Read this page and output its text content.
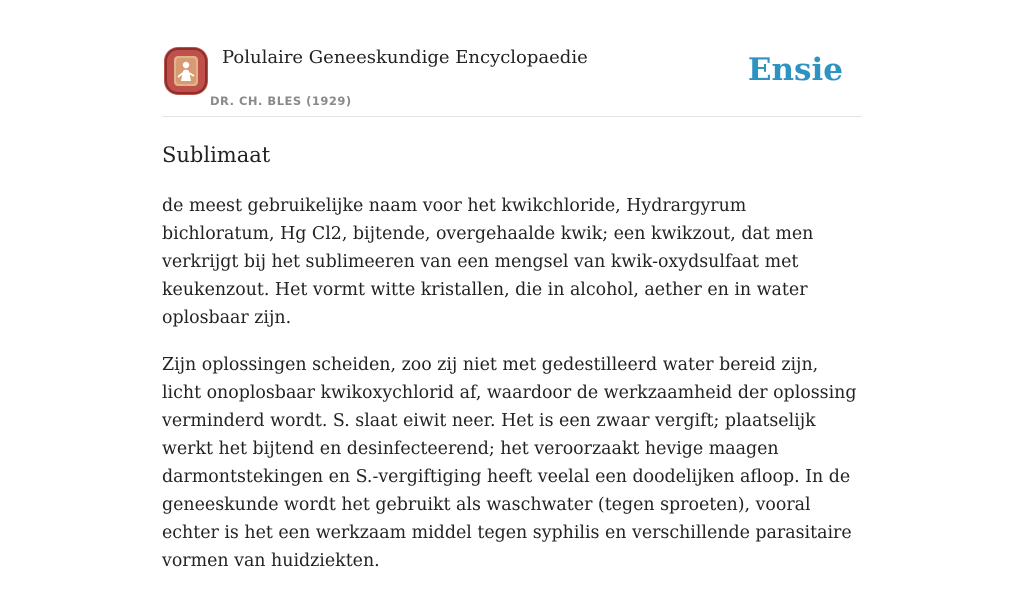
Polulaire Geneeskundige Encyclopaedie
DR. CH. BLES (1929)
Ensie
Sublimaat

de meest gebruikelijke naam voor het kwikchloride, Hydrargyrum bichloratum, Hg Cl2, bijtende, overgehaalde kwik; een kwikzout, dat men verkrijgt bij het sublimeeren van een mengsel van kwik-oxydsulfaat met keukenzout. Het vormt witte kristallen, die in alcohol, aether en in water oplosbaar zijn.

Zijn oplossingen scheiden, zoo zij niet met gedestilleerd water bereid zijn, licht onoplosbaar kwikoxychlorid af, waardoor de werkzaamheid der oplossing verminderd wordt. S. slaat eiwit neer. Het is een zwaar vergift; plaatselijk werkt het bijtend en desinfecteerend; het veroorzaakt hevige maagen darmontstekingen en S.-vergiftiging heeft veelal een doodelijken afloop. In de geneeskunde wordt het gebruikt als waschwater (tegen sproeten), vooral echter is het een werkzaam middel tegen syphilis en verschillende parasitaire vormen van huidziekten.
